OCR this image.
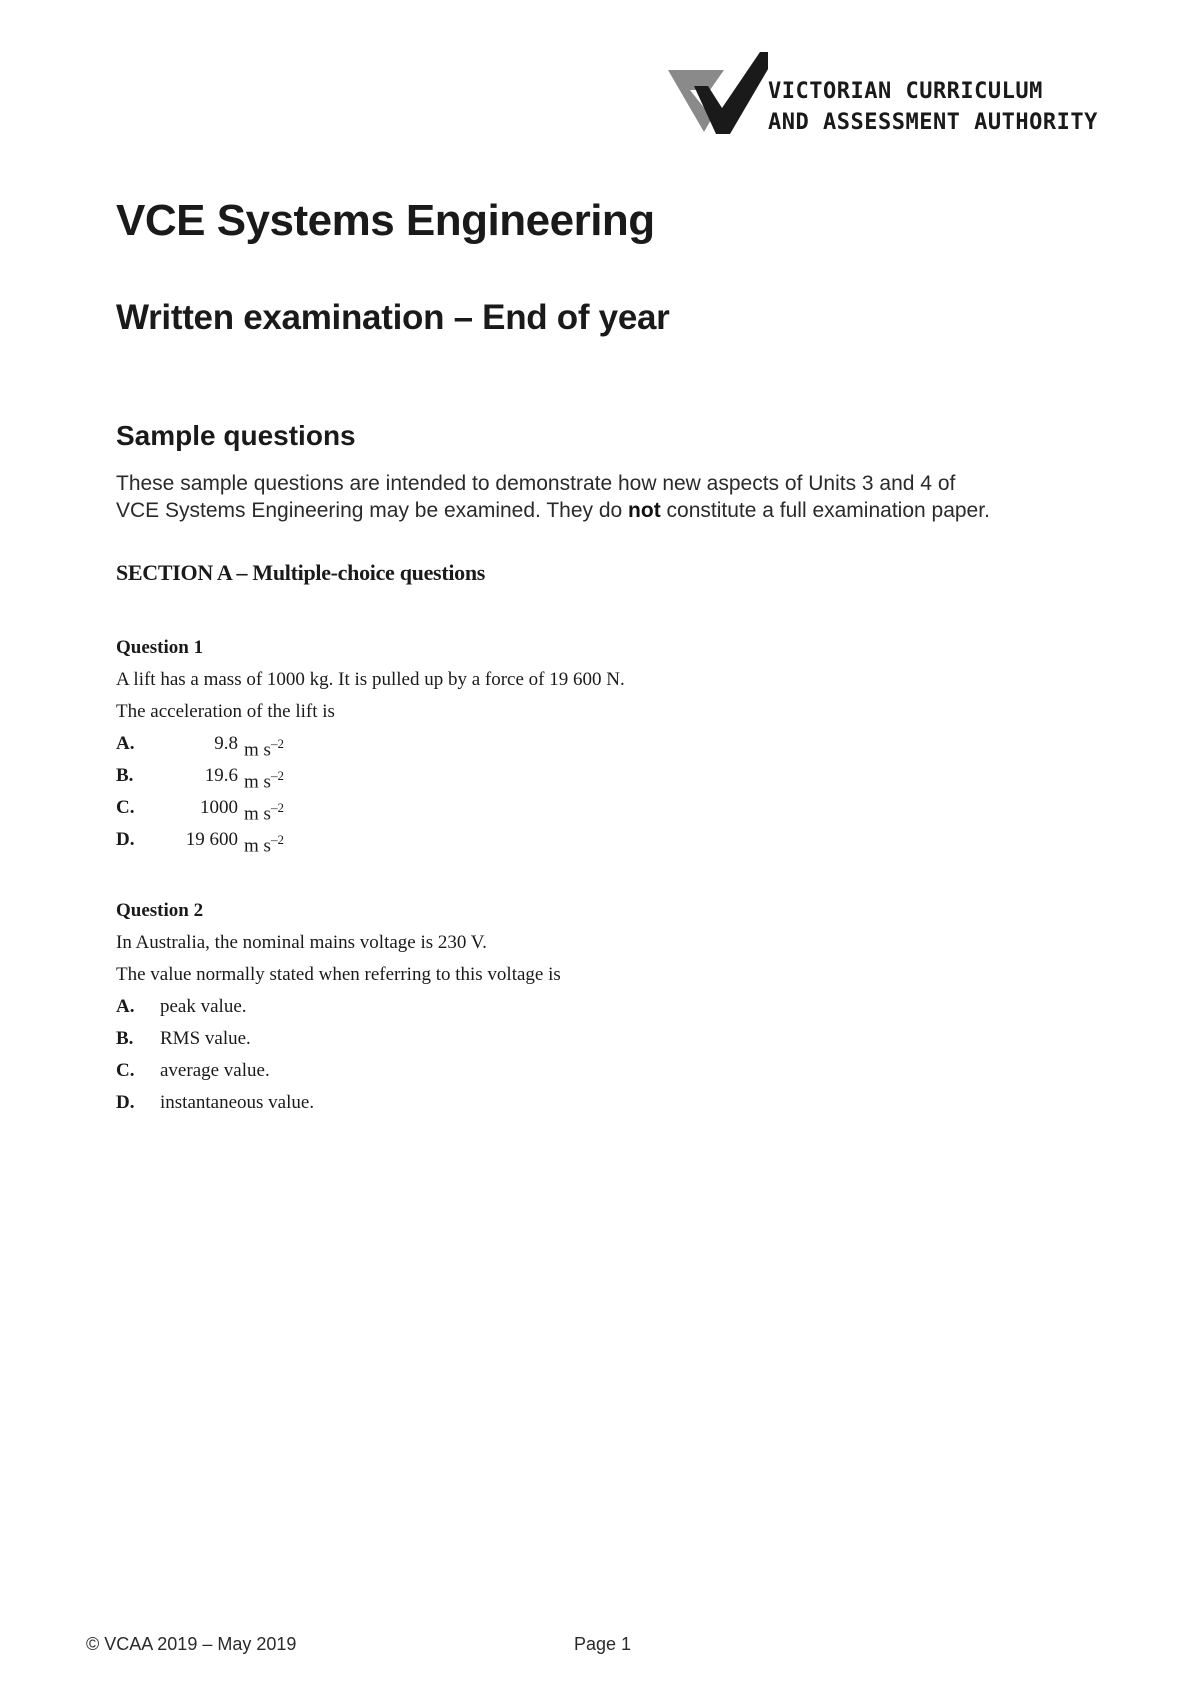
VICTORIAN CURRICULUM
AND ASSESSMENT AUTHORITY
VCE Systems Engineering
Written examination – End of year
Sample questions

These sample questions are intended to demonstrate how new aspects of Units 3 and 4 of
VCE Systems Engineering may be examined. They do not constitute a full examination paper.

SECTION A – Multiple-choice questions
Question 1
A lift has a mass of 1000 kg. It is pulled up by a force of 19 600 N.
The acceleration of the lift is
A.	9.8 m $s^{-2}$
B.	19.6 m $s^{-2}$
C.	1000 m $s^{-2}$
D.	19 600 m $s^{-2}$
Question 2
In Australia, the nominal mains voltage is 230 V.
The value normally stated when referring to this voltage is
A.	peak value.
B.	RMS value.
C.	average value.
D.	instantaneous value.
© VCAA 2019 – May 2019	Page 1
